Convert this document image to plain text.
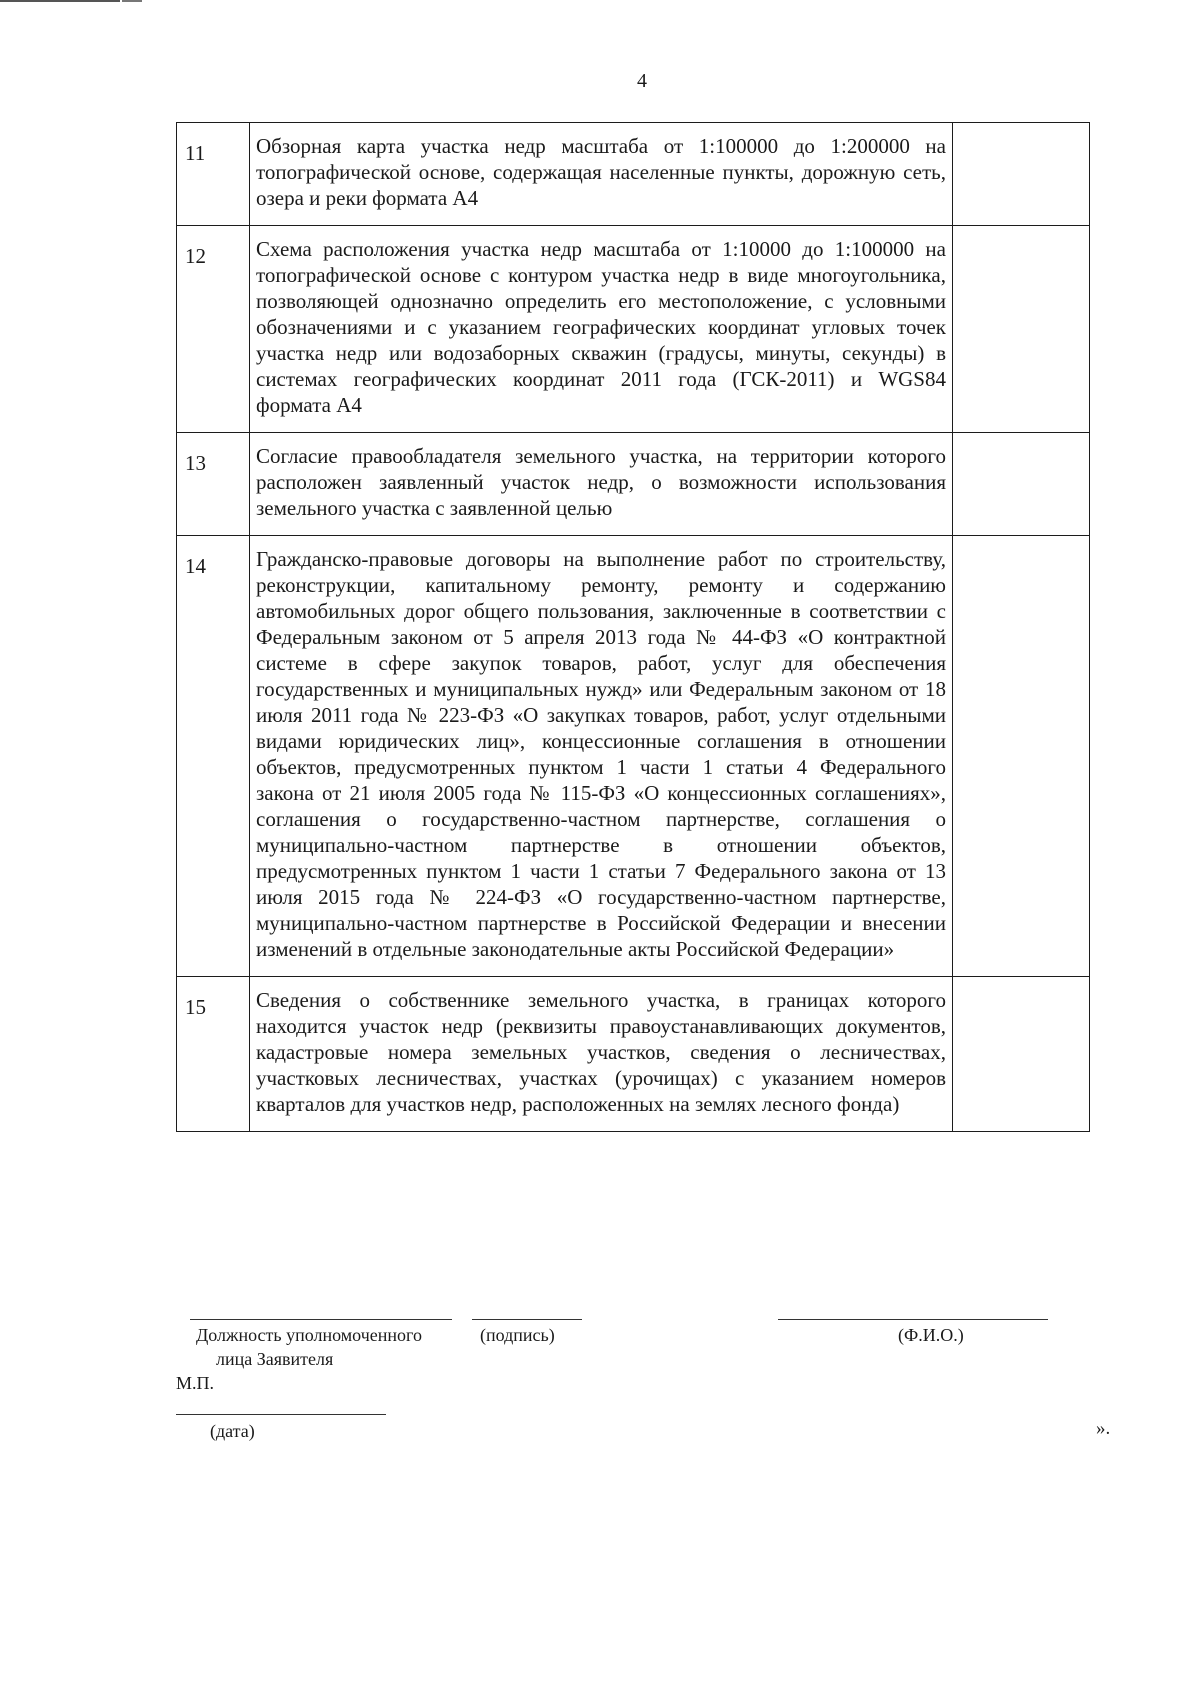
4
11	Обзорная карта участка недр масштаба от 1:100000 до 1:200000 на топографической основе, содержащая населенные пункты, дорожную сеть, озера и реки формата А4	
12	Схема расположения участка недр масштаба от 1:10000 до 1:100000 на топографической основе с контуром участка недр в виде многоугольника, позволяющей однозначно определить его местоположение, с условными обозначениями и с указанием географических координат угловых точек участка недр или водозаборных скважин (градусы, минуты, секунды) в системах географических координат 2011 года (ГСК-2011) и WGS84 формата А4	
13	Согласие правообладателя земельного участка, на территории которого расположен заявленный участок недр, о возможности использования земельного участка с заявленной целью	
14	Гражданско-правовые договоры на выполнение работ по строительству, реконструкции, капитальному ремонту, ремонту и содержанию автомобильных дорог общего пользования, заключенные в соответствии с Федеральным законом от 5 апреля 2013 года № 44-ФЗ «О контрактной системе в сфере закупок товаров, работ, услуг для обеспечения государственных и муниципальных нужд» или Федеральным законом от 18 июля 2011 года № 223-ФЗ «О закупках товаров, работ, услуг отдельными видами юридических лиц», концессионные соглашения в отношении объектов, предусмотренных пунктом 1 части 1 статьи 4 Федерального закона от 21 июля 2005 года № 115-ФЗ «О концессионных соглашениях», соглашения о государственно-частном партнерстве, соглашения о муниципально-частном партнерстве в отношении объектов, предусмотренных пунктом 1 части 1 статьи 7 Федерального закона от 13 июля 2015 года № 224-ФЗ «О государственно-частном партнерстве, муниципально-частном партнерстве в Российской Федерации и внесении изменений в отдельные законодательные акты Российской Федерации»	
15	Сведения о собственнике земельного участка, в границах которого находится участок недр (реквизиты правоустанавливающих документов, кадастровые номера земельных участков, сведения о лесничествах, участковых лесничествах, участках (урочищах) с указанием номеров кварталов для участков недр, расположенных на землях лесного фонда)	
Должность уполномоченного
лица Заявителя
(подпись)	(Ф.И.О.)
М.П.
(дата)	».
